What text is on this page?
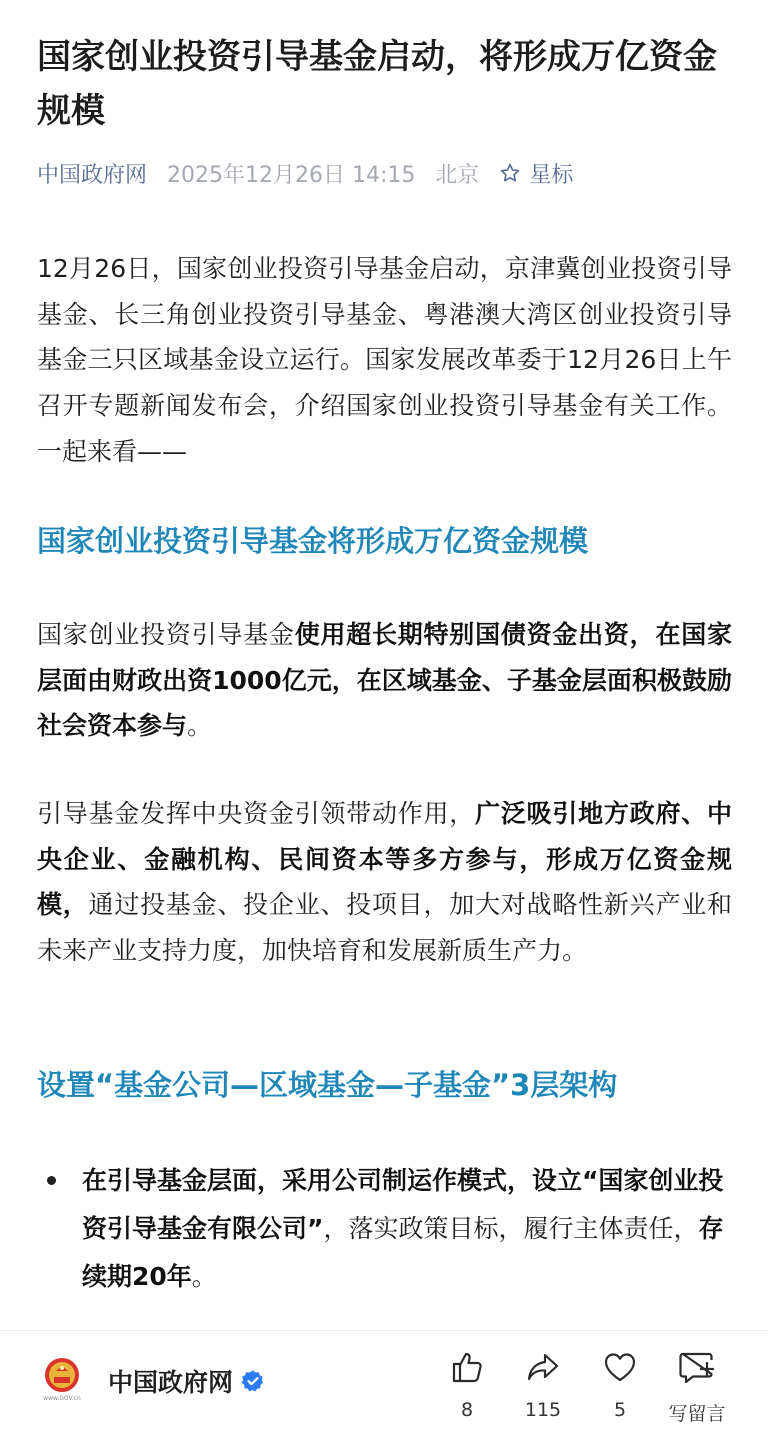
国家创业投资引导基金启动，将形成万亿资金规模
中国政府网 2025年12月26日 14:15 北京 星标

12月26日，国家创业投资引导基金启动，京津冀创业投资引导基金、长三角创业投资引导基金、粤港澳大湾区创业投资引导基金三只区域基金设立运行。国家发展改革委于12月26日上午召开专题新闻发布会，介绍国家创业投资引导基金有关工作。一起来看——

国家创业投资引导基金将形成万亿资金规模

国家创业投资引导基金使用超长期特别国债资金出资，在国家层面由财政出资1000亿元，在区域基金、子基金层面积极鼓励社会资本参与。

引导基金发挥中央资金引领带动作用，广泛吸引地方政府、中央企业、金融机构、民间资本等多方参与，形成万亿资金规模，通过投基金、投企业、投项目，加大对战略性新兴产业和未来产业支持力度，加快培育和发展新质生产力。

设置“基金公司—区域基金—子基金”3层架构

在引导基金层面，采用公司制运作模式，设立“国家创业投资引导基金有限公司”，落实政策目标，履行主体责任，存续期20年。

www.GOV.cn
中国政府网
8	115	5	写留言
